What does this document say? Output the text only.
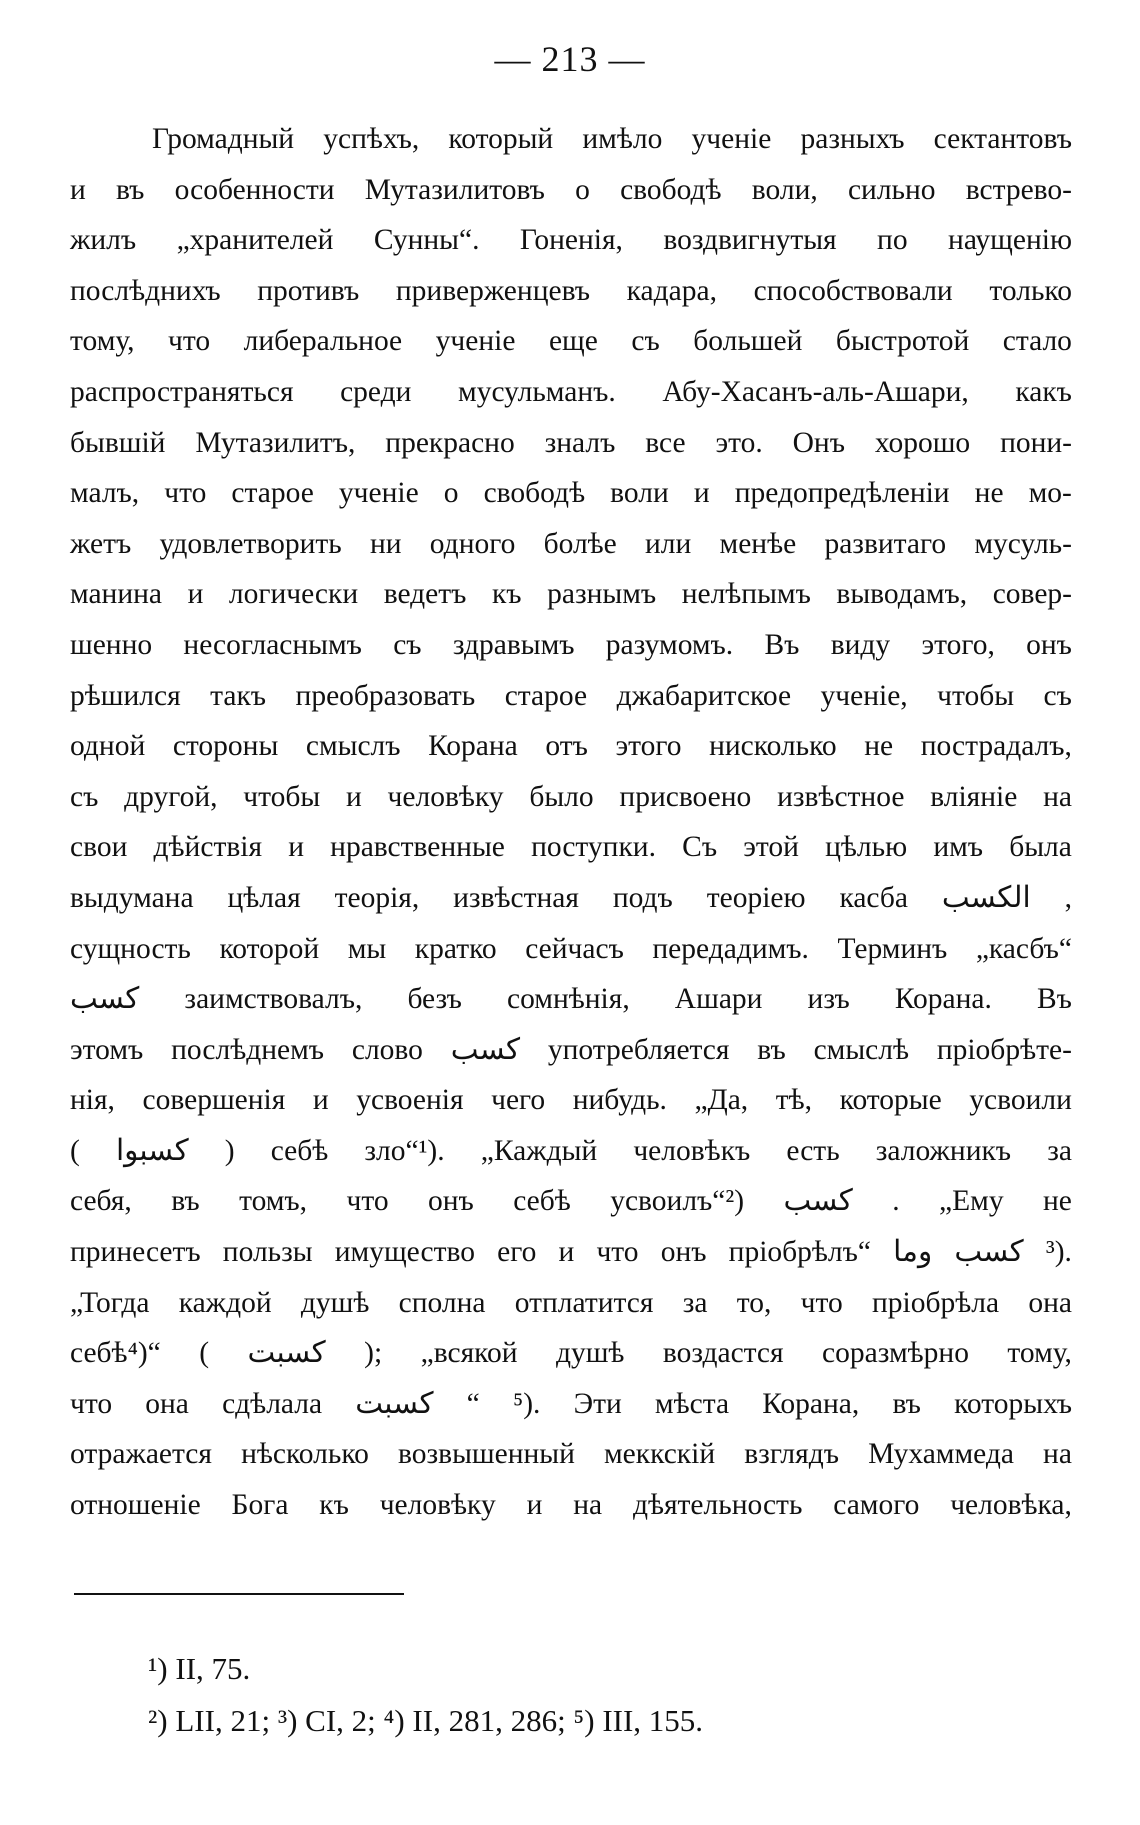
— 213 —
Громадный успѣхъ, который имѣло ученіе разныхъ сектантовъ
и въ особенности Мутазилитовъ о свободѣ воли, сильно встрево-
жилъ „хранителей Сунны“. Гоненія, воздвигнутыя по наущенію
послѣднихъ противъ приверженцевъ кадара, способствовали только
тому, что либеральное ученіе еще съ большей быстротой стало
распространяться среди мусульманъ. Абу-Хасанъ-аль-Ашари, какъ
бывшій Мутазилитъ, прекрасно зналъ все это. Онъ хорошо пони-
малъ, что старое ученіе о свободѣ воли и предопредѣленіи не мо-
жетъ удовлетворить ни одного болѣе или менѣе развитаго мусуль-
манина и логически ведетъ къ разнымъ нелѣпымъ выводамъ, совер-
шенно несогласнымъ съ здравымъ разумомъ. Въ виду этого, онъ
рѣшился такъ преобразовать старое джабаритское ученіе, чтобы съ
одной стороны смыслъ Корана отъ этого нисколько не пострадалъ,
съ другой, чтобы и человѣку было присвоено извѣстное вліяніе на
свои дѣйствія и нравственные поступки. Съ этой цѣлью имъ была
выдумана цѣлая теорія, извѣстная подъ теоріею касба الكسب ,
сущность которой мы кратко сейчасъ передадимъ. Терминъ „касбъ“
كسب заимствовалъ, безъ сомнѣнія, Ашари изъ Корана. Въ
этомъ послѣднемъ слово كسب употребляется въ смыслѣ пріобрѣте-
нія, совершенія и усвоенія чего нибудь. „Да, тѣ, которые усвоили
( كسبوا ) себѣ зло“¹). „Каждый человѣкъ есть заложникъ за
себя, въ томъ, что онъ себѣ усвоилъ“²) كسب . „Ему не
принесетъ пользы имущество его и что онъ пріобрѣлъ“ وما كسب ³).
„Тогда каждой душѣ сполна отплатится за то, что пріобрѣла она
себѣ⁴)“ ( كسبت ); „всякой душѣ воздастся соразмѣрно тому,
что она сдѣлала كسبت “ ⁵). Эти мѣста Корана, въ которыхъ
отражается нѣсколько возвышенный меккскій взглядъ Мухаммеда на
отношеніе Бога къ человѣку и на дѣятельность самого человѣка,
¹) II, 75.
²) LII, 21; ³) CI, 2; ⁴) II, 281, 286; ⁵) III, 155.
